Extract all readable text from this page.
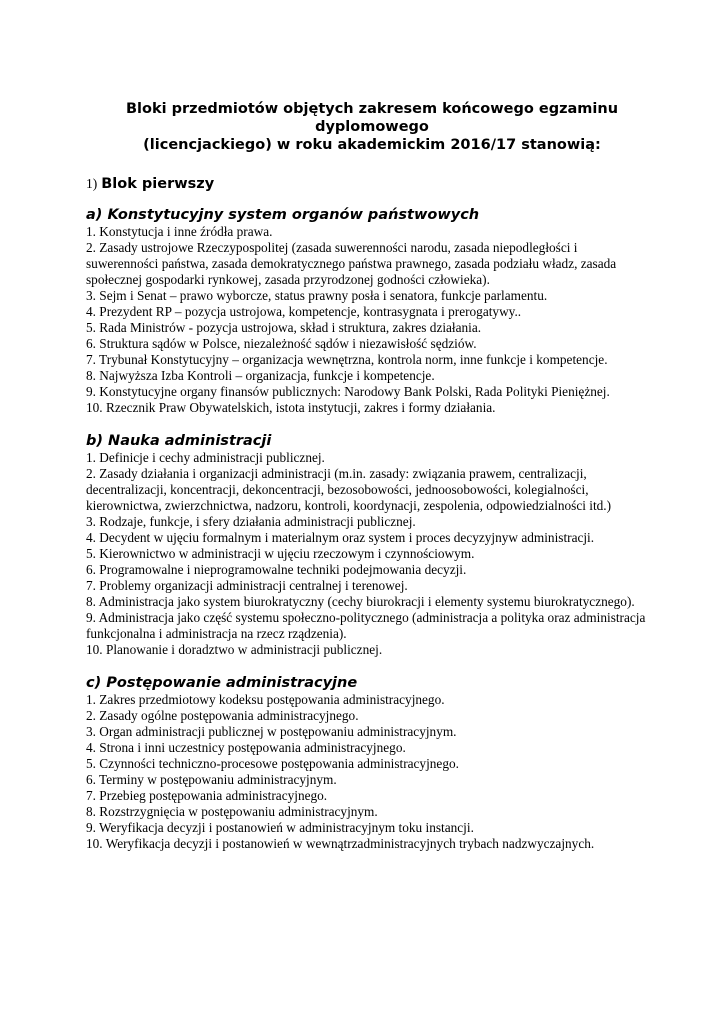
Bloki przedmiotów objętych zakresem końcowego egzaminu dyplomowego
(licencjackiego) w roku akademickim 2016/17 stanowią:
1) Blok pierwszy
a) Konstytucyjny system organów państwowych
1. Konstytucja i inne źródła prawa.
2. Zasady ustrojowe Rzeczypospolitej (zasada suwerenności narodu, zasada niepodległości i suwerenności państwa, zasada demokratycznego państwa prawnego, zasada podziału władz, zasada społecznej gospodarki rynkowej, zasada przyrodzonej godności człowieka).
3. Sejm i Senat – prawo wyborcze, status prawny posła i senatora, funkcje parlamentu.
4. Prezydent RP – pozycja ustrojowa, kompetencje, kontrasygnata i prerogatywy..
5. Rada Ministrów - pozycja ustrojowa, skład i struktura, zakres działania.
6. Struktura sądów w Polsce, niezależność sądów i niezawisłość sędziów.
7. Trybunał Konstytucyjny – organizacja wewnętrzna, kontrola norm, inne funkcje i kompetencje.
8. Najwyższa Izba Kontroli – organizacja, funkcje i kompetencje.
9. Konstytucyjne organy finansów publicznych: Narodowy Bank Polski, Rada Polityki Pieniężnej.
10. Rzecznik Praw Obywatelskich, istota instytucji, zakres i formy działania.
b) Nauka administracji
1. Definicje i cechy administracji publicznej.
2. Zasady działania i organizacji administracji (m.in. zasady: związania prawem, centralizacji, decentralizacji, koncentracji, dekoncentracji, bezosobowości, jednoosobowości, kolegialności, kierownictwa, zwierzchnictwa, nadzoru, kontroli, koordynacji, zespolenia, odpowiedzialności itd.)
3. Rodzaje, funkcje, i sfery działania administracji publicznej.
4. Decydent w ujęciu formalnym i materialnym oraz system i proces decyzyjnyw administracji.
5. Kierownictwo w administracji w ujęciu rzeczowym i czynnościowym.
6. Programowalne i nieprogramowalne techniki podejmowania decyzji.
7. Problemy organizacji administracji centralnej i terenowej.
8. Administracja jako system biurokratyczny (cechy biurokracji i elementy systemu biurokratycznego).
9. Administracja jako część systemu społeczno-politycznego (administracja a polityka oraz administracja funkcjonalna i administracja na rzecz rządzenia).
10. Planowanie i doradztwo w administracji publicznej.
c) Postępowanie administracyjne
1. Zakres przedmiotowy kodeksu postępowania administracyjnego.
2. Zasady ogólne postępowania administracyjnego.
3. Organ administracji publicznej w postępowaniu administracyjnym.
4. Strona i inni uczestnicy postępowania administracyjnego.
5. Czynności techniczno-procesowe postępowania administracyjnego.
6. Terminy w postępowaniu administracyjnym.
7. Przebieg postępowania administracyjnego.
8. Rozstrzygnięcia w postępowaniu administracyjnym.
9. Weryfikacja decyzji i postanowień w administracyjnym toku instancji.
10. Weryfikacja decyzji i postanowień w wewnątrzadministracyjnych trybach nadzwyczajnych.
